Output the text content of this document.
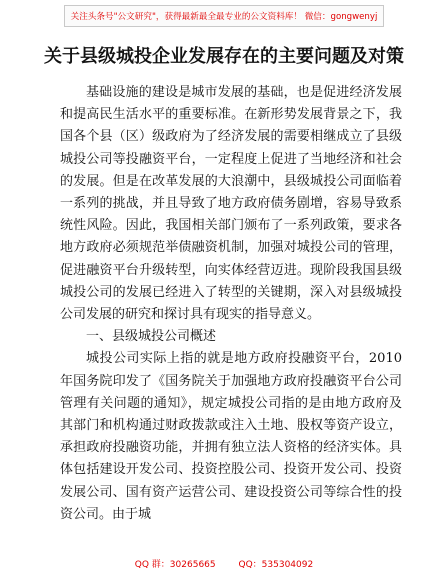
关注头条号"公文研究"，获得最新最全最专业的公文资料库！ 微信：gongwenyj
关于县级城投企业发展存在的主要问题及对策

基础设施的建设是城市发展的基础，也是促进经济发展和提高民生活水平的重要标准。在新形势发展背景之下，我国各个县（区）级政府为了经济发展的需要相继成立了县级城投公司等投融资平台，一定程度上促进了当地经济和社会的发展。但是在改革发展的大浪潮中，县级城投公司面临着一系列的挑战，并且导致了地方政府债务剧增，容易导致系统性风险。因此，我国相关部门颁布了一系列政策，要求各地方政府必须规范举债融资机制，加强对城投公司的管理，促进融资平台升级转型，向实体经营迈进。现阶段我国县级城投公司的发展已经进入了转型的关键期，深入对县级城投公司发展的研究和探讨具有现实的指导意义。

一、县级城投公司概述

城投公司实际上指的就是地方政府投融资平台，2010年国务院印发了《国务院关于加强地方政府投融资平台公司管理有关问题的通知》，规定城投公司指的是由地方政府及其部门和机构通过财政拨款或注入土地、股权等资产设立，承担政府投融资功能，并拥有独立法人资格的经济实体。具体包括建设开发公司、投资控股公司、投资开发公司、投资发展公司、国有资产运营公司、建设投资公司等综合性的投资公司。由于城

QQ 群：30265665	QQ：535304092
